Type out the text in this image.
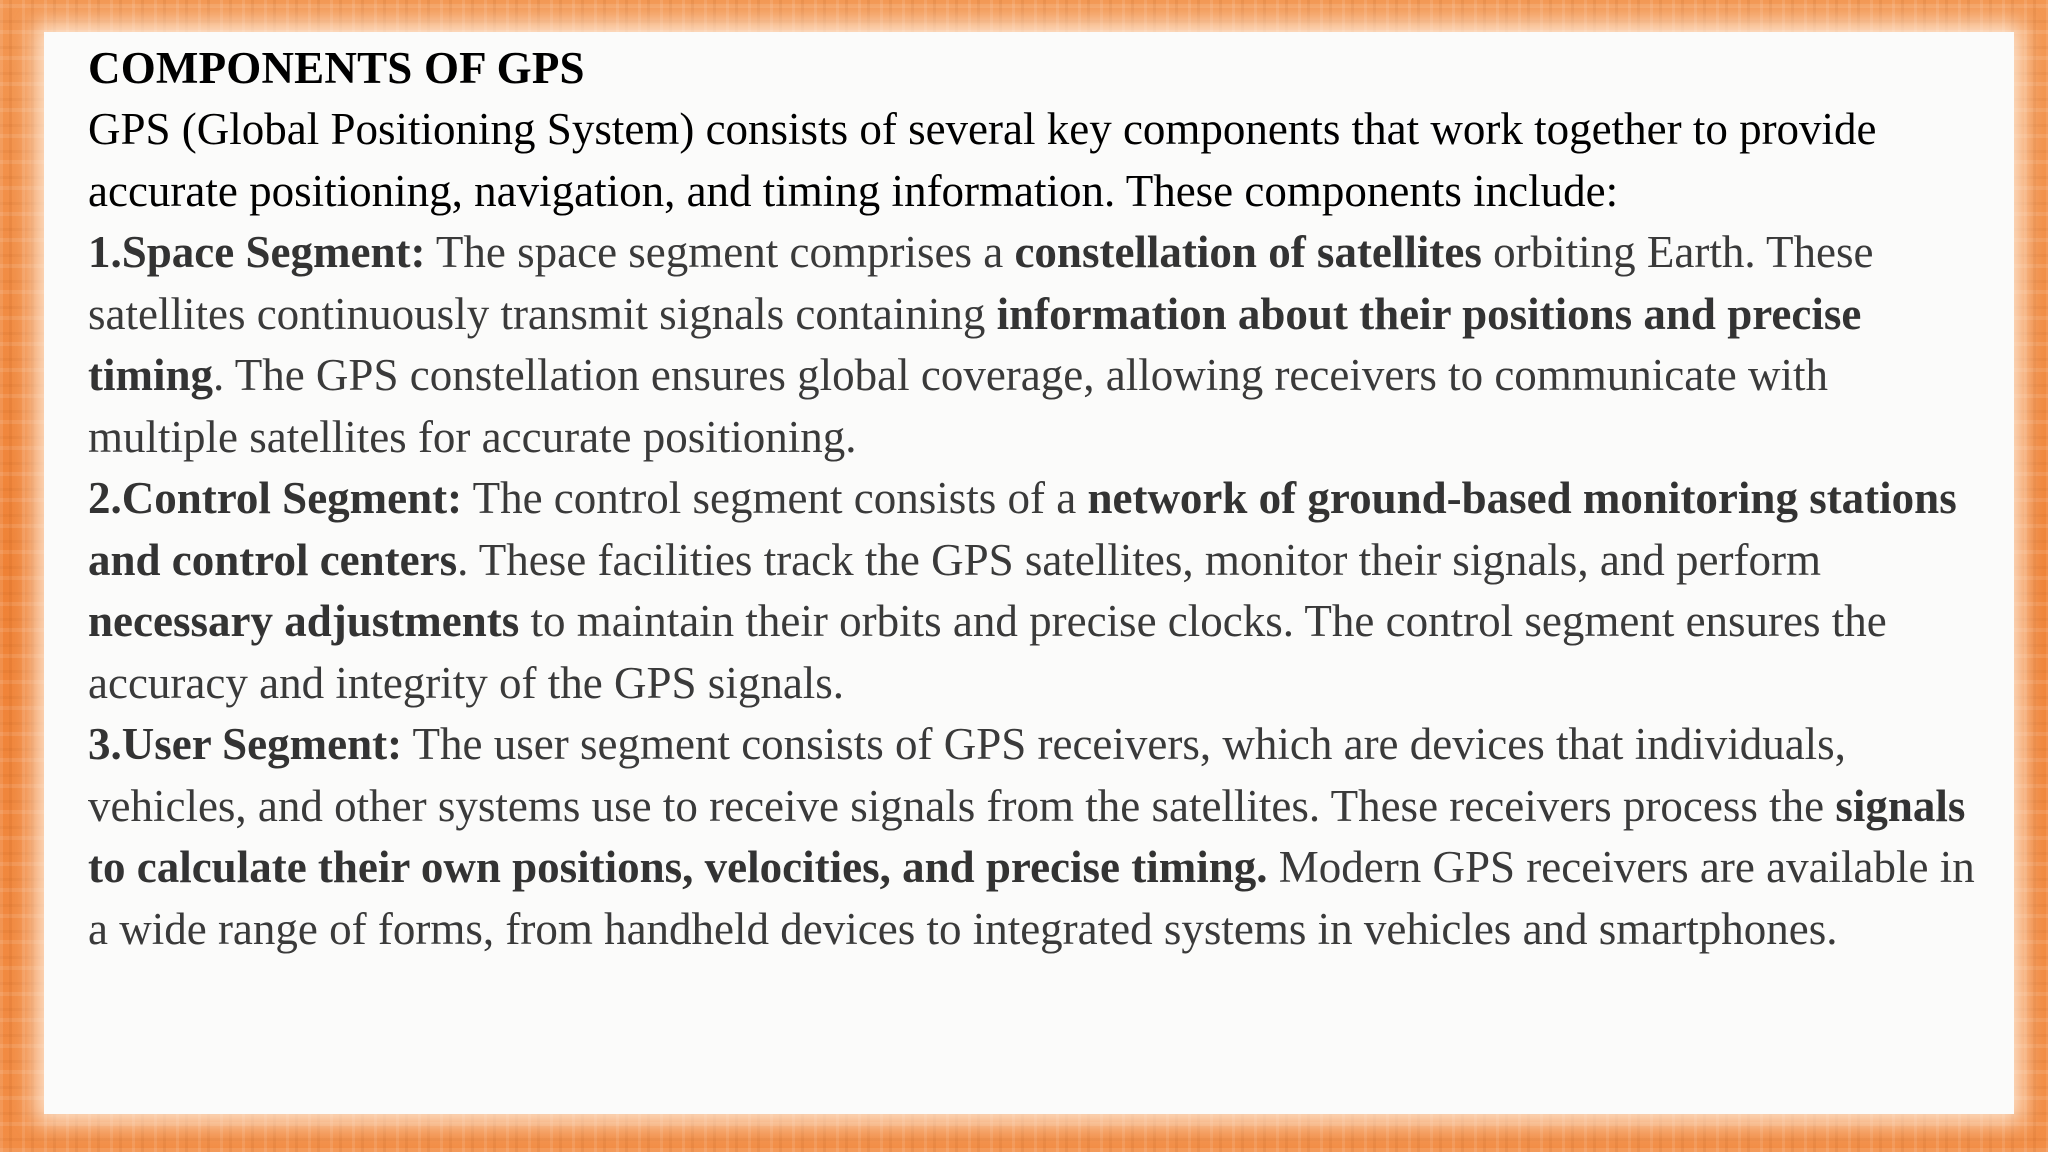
COMPONENTS OF GPS

GPS (Global Positioning System) consists of several key components that work together to provide accurate positioning, navigation, and timing information. These components include:

1.Space Segment: The space segment comprises a constellation of satellites orbiting Earth. These satellites continuously transmit signals containing information about their positions and precise timing. The GPS constellation ensures global coverage, allowing receivers to communicate with multiple satellites for accurate positioning.

2.Control Segment: The control segment consists of a network of ground-based monitoring stations and control centers. These facilities track the GPS satellites, monitor their signals, and perform necessary adjustments to maintain their orbits and precise clocks. The control segment ensures the accuracy and integrity of the GPS signals.

3.User Segment: The user segment consists of GPS receivers, which are devices that individuals, vehicles, and other systems use to receive signals from the satellites. These receivers process the signals to calculate their own positions, velocities, and precise timing. Modern GPS receivers are available in a wide range of forms, from handheld devices to integrated systems in vehicles and smartphones.
